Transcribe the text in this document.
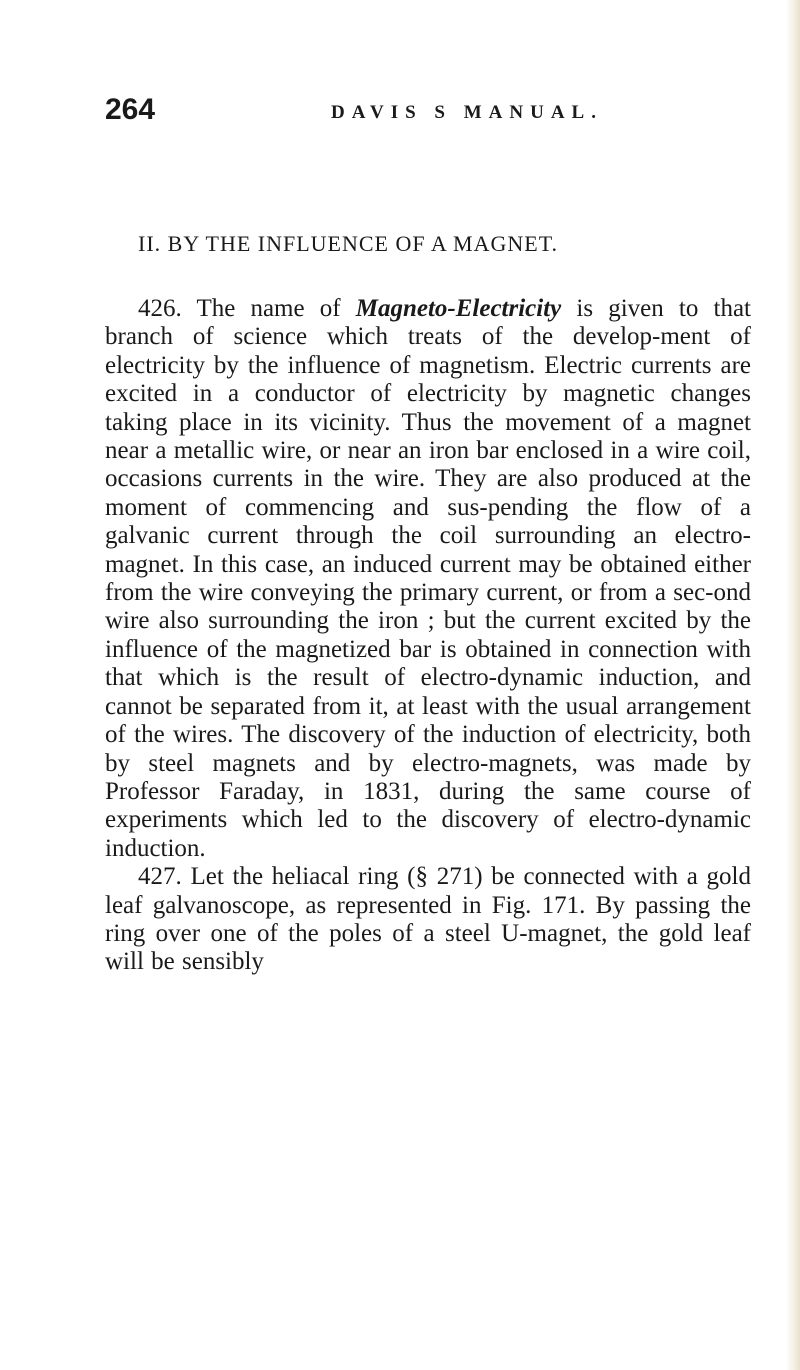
264	DAVIS S MANUAL.
II. BY THE INFLUENCE OF A MAGNET.

426. The name of Magneto-Electricity is given to that branch of science which treats of the develop-ment of electricity by the influence of magnetism. Electric currents are excited in a conductor of electricity by magnetic changes taking place in its vicinity. Thus the movement of a magnet near a metallic wire, or near an iron bar enclosed in a wire coil, occasions currents in the wire. They are also produced at the moment of commencing and sus-pending the flow of a galvanic current through the coil surrounding an electro-magnet. In this case, an induced current may be obtained either from the wire conveying the primary current, or from a sec-ond wire also surrounding the iron ; but the current excited by the influence of the magnetized bar is obtained in connection with that which is the result of electro-dynamic induction, and cannot be separated from it, at least with the usual arrangement of the wires. The discovery of the induction of electricity, both by steel magnets and by electro-magnets, was made by Professor Faraday, in 1831, during the same course of experiments which led to the discovery of electro-dynamic induction.

427. Let the heliacal ring (§ 271) be connected with a gold leaf galvanoscope, as represented in Fig. 171. By passing the ring over one of the poles of a steel U-magnet, the gold leaf will be sensibly
